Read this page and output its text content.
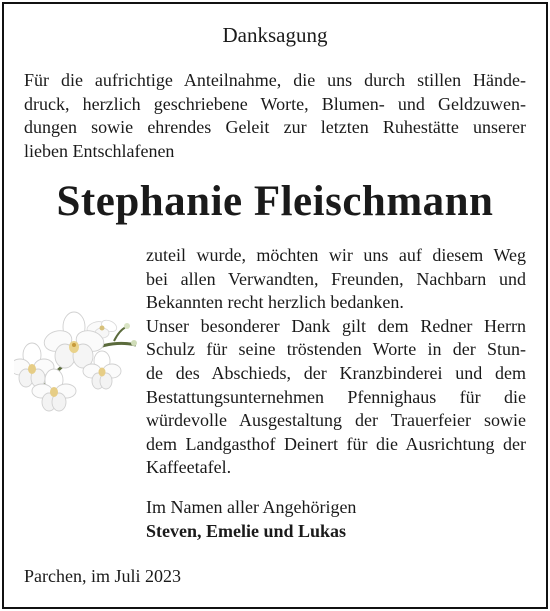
Danksagung
Für die aufrichtige Anteilnahme, die uns durch stillen Hände-
druck, herzlich geschriebene Worte, Blumen- und Geldzuwen-
dungen sowie ehrendes Geleit zur letzten Ruhestätte unserer
lieben Entschlafenen
Stephanie Fleischmann
zuteil wurde, möchten wir uns auf diesem Weg
bei allen Verwandten, Freunden, Nachbarn und
Bekannten recht herzlich bedanken.
Unser besonderer Dank gilt dem Redner Herrn
Schulz für seine tröstenden Worte in der Stun-
de des Abschieds, der Kranzbinderei und dem
Bestattungsunternehmen Pfennighaus für die
würdevolle Ausgestaltung der Trauerfeier sowie
dem Landgasthof Deinert für die Ausrichtung der
Kaffeetafel.
Im Namen aller Angehörigen
Steven, Emelie und Lukas
Parchen, im Juli 2023
